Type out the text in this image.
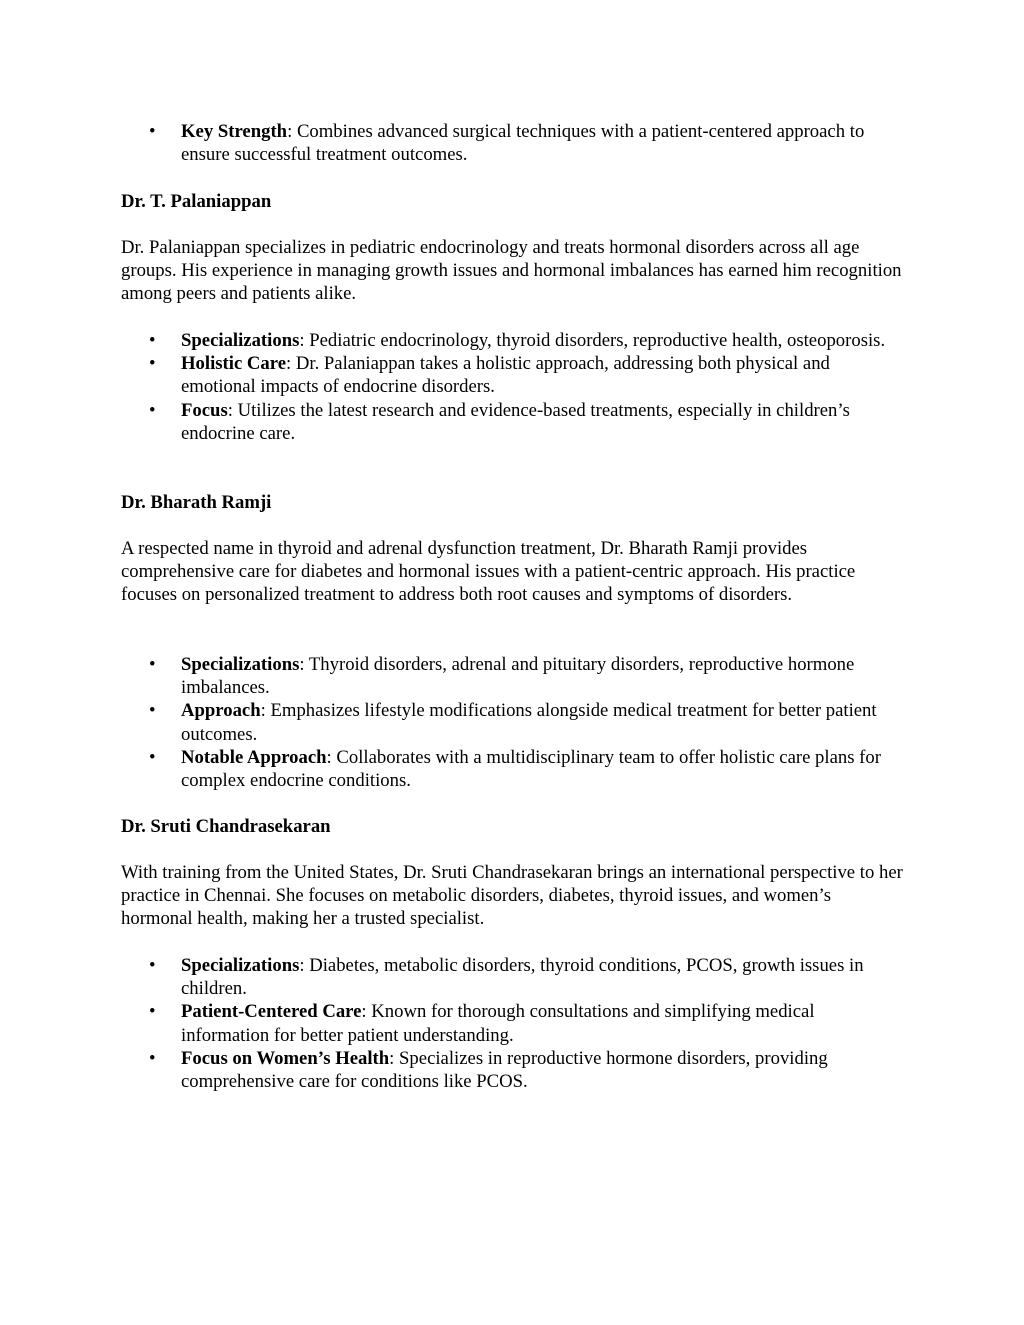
• Key Strength: Combines advanced surgical techniques with a patient-centered approach to ensure successful treatment outcomes.
Dr. T. Palaniappan
Dr. Palaniappan specializes in pediatric endocrinology and treats hormonal disorders across all age groups. His experience in managing growth issues and hormonal imbalances has earned him recognition among peers and patients alike.
• Specializations: Pediatric endocrinology, thyroid disorders, reproductive health, osteoporosis.
• Holistic Care: Dr. Palaniappan takes a holistic approach, addressing both physical and emotional impacts of endocrine disorders.
• Focus: Utilizes the latest research and evidence-based treatments, especially in children’s endocrine care.
Dr. Bharath Ramji
A respected name in thyroid and adrenal dysfunction treatment, Dr. Bharath Ramji provides comprehensive care for diabetes and hormonal issues with a patient-centric approach. His practice focuses on personalized treatment to address both root causes and symptoms of disorders.
• Specializations: Thyroid disorders, adrenal and pituitary disorders, reproductive hormone imbalances.
• Approach: Emphasizes lifestyle modifications alongside medical treatment for better patient outcomes.
• Notable Approach: Collaborates with a multidisciplinary team to offer holistic care plans for complex endocrine conditions.
Dr. Sruti Chandrasekaran
With training from the United States, Dr. Sruti Chandrasekaran brings an international perspective to her practice in Chennai. She focuses on metabolic disorders, diabetes, thyroid issues, and women’s hormonal health, making her a trusted specialist.
• Specializations: Diabetes, metabolic disorders, thyroid conditions, PCOS, growth issues in children.
• Patient-Centered Care: Known for thorough consultations and simplifying medical information for better patient understanding.
• Focus on Women’s Health: Specializes in reproductive hormone disorders, providing comprehensive care for conditions like PCOS.
